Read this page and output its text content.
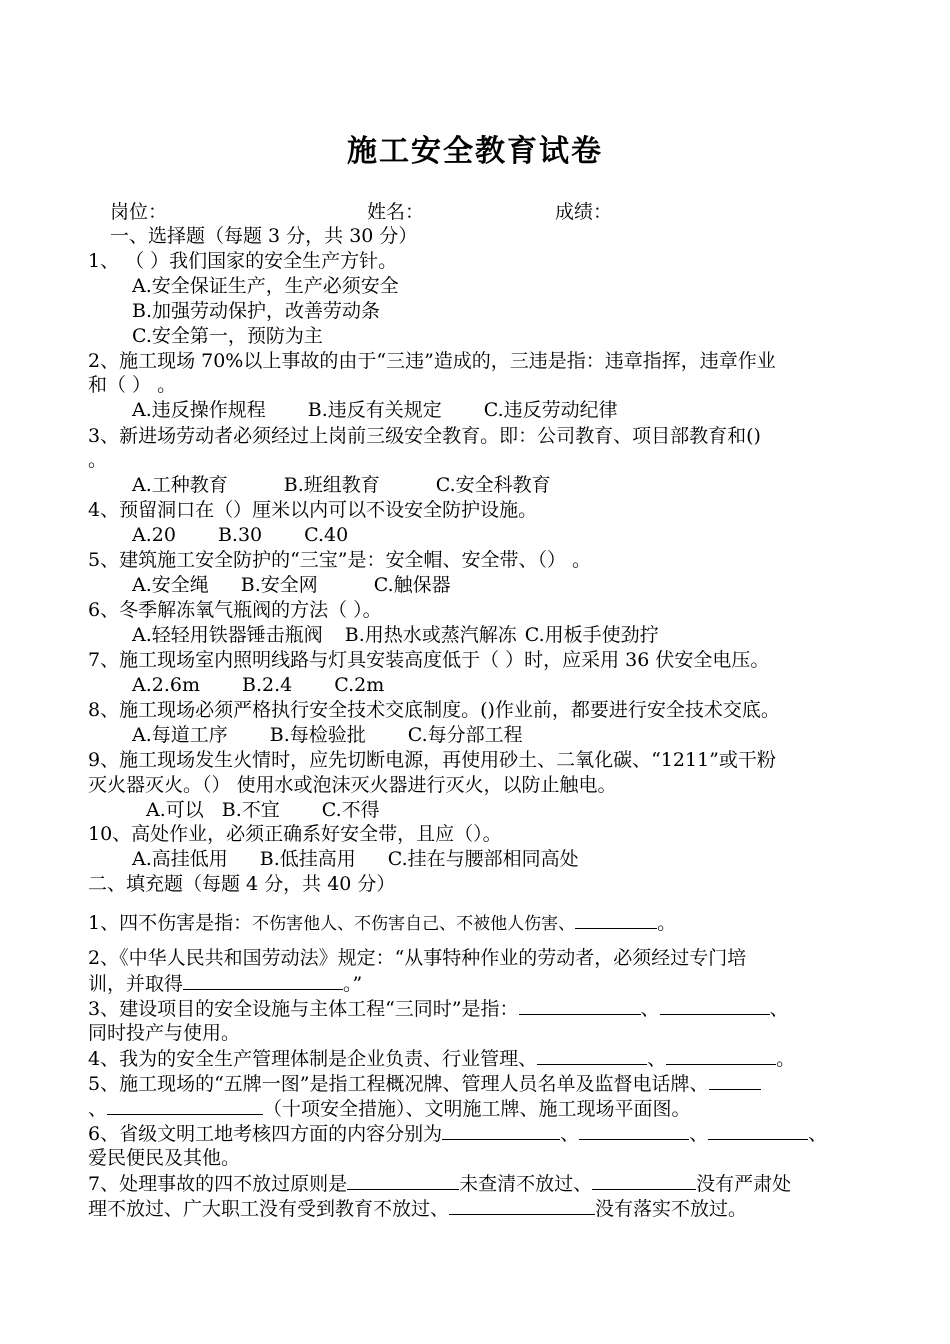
施工安全教育试卷
岗位：	姓名：	成绩：
一、选择题（每题 3 分，共 30 分）
1、 （ ）我们国家的安全生产方针。
A.安全保证生产，生产必须安全
B.加强劳动保护，改善劳动条
C.安全第一，预防为主
2、施工现场 70%以上事故的由于“三违”造成的，三违是指：违章指挥，违章作业
和（ ） 。
A.违反操作规程 B.违反有关规定 C.违反劳动纪律
3、新进场劳动者必须经过上岗前三级安全教育。即：公司教育、项目部教育和()
。
A.工种教育	B.班组教育	C.安全科教育
4、预留洞口在（）厘米以内可以不设安全防护设施。
A.20 B.30 C.40
5、建筑施工安全防护的“三宝”是：安全帽、安全带、（） 。
A.安全绳 B.安全网	C.触保器
6、冬季解冻氧气瓶阀的方法（ ）。
A.轻轻用铁器锤击瓶阀 B.用热水或蒸汽解冻 C.用板手使劲拧
7、施工现场室内照明线路与灯具安装高度低于（ ）时，应采用 36 伏安全电压。
A.2.6m B.2.4 C.2m
8、施工现场必须严格执行安全技术交底制度。()作业前，都要进行安全技术交底。
A.每道工序 B.每检验批 C.每分部工程
9、施工现场发生火情时，应先切断电源，再使用砂土、二氧化碳、“1211”或干粉
灭火器灭火。（） 使用水或泡沫灭火器进行灭火，以防止触电。
A.可以 B.不宜 C.不得
10、高处作业，必须正确系好安全带，且应（）。
A.高挂低用 B.低挂高用 C.挂在与腰部相同高处
二、填充题（每题 4 分，共 40 分）
1、四不伤害是指：不伤害他人、不伤害自己、不被他人伤害、	。
2、《中华人民共和国劳动法》规定：“从事特种作业的劳动者，必须经过专门培
训，并取得	。”
3、建设项目的安全设施与主体工程“三同时”是指：	、	、
同时投产与使用。
4、我为的安全生产管理体制是企业负责、行业管理、	、	。
5、施工现场的“五牌一图”是指工程概况牌、管理人员名单及监督电话牌、
、	（十项安全措施）、文明施工牌、施工现场平面图。
6、省级文明工地考核四方面的内容分别为	、	、	、
爱民便民及其他。
7、处理事故的四不放过原则是	未查清不放过、	没有严肃处
理不放过、广大职工没有受到教育不放过、	没有落实不放过。
